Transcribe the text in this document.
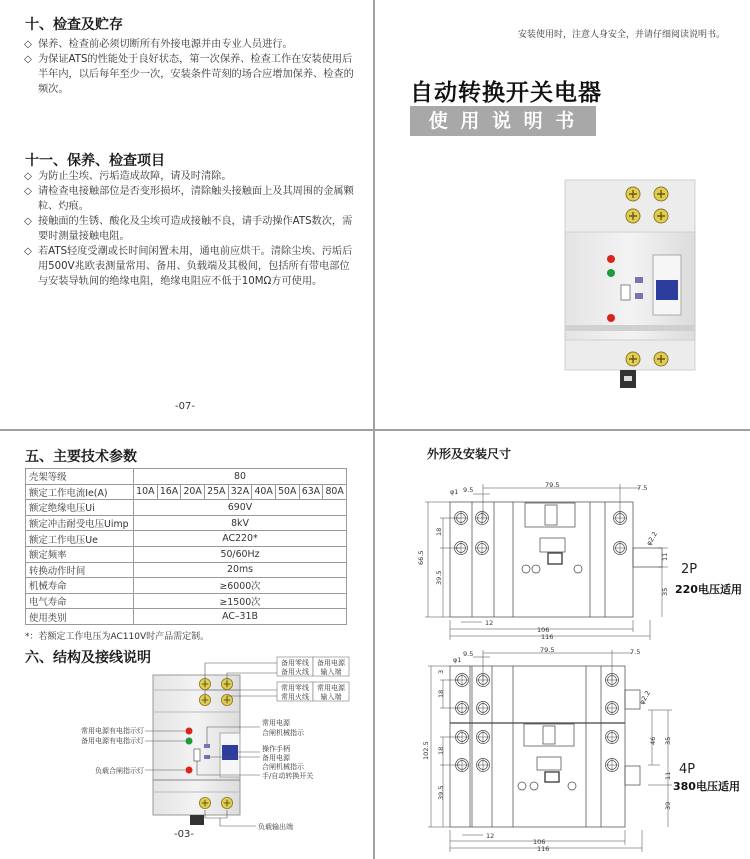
十、检查及贮存
◇ 保养、检查前必须切断所有外接电源并由专业人员进行。
◇ 为保证ATS的性能处于良好状态，第一次保养、检查工作在安装使用后半年内，以后每年至少一次，安装条件苛刻的场合应增加保养、检查的频次。
十一、保养、检查项目
◇ 为防止尘埃、污垢造成故障，请及时清除。
◇ 请检查电接触部位是否变形损坏，清除触头接触面上及其周围的金属颗粒、灼痕。
◇ 接触面的生锈、酸化及尘埃可造成接触不良，请手动操作ATS数次，需要时测量接触电阻。
◇ 若ATS轻度受潮或长时间闲置未用，通电前应烘干。清除尘埃、污垢后用500V兆欧表测量常用、备用、负载端及其极间，包括所有带电部位与安装导轨间的绝缘电阻，绝缘电阻应不低于10MΩ方可使用。
-07-
安装使用时，注意人身安全，并请仔细阅读说明书。
自动转换开关电器
使 用 说 明 书
五、主要技术参数
壳架等级	80								
额定工作电流Ie(A)	10A	16A	20A	25A	32A	40A	50A	63A	80A
额定绝缘电压Ui	690V								
额定冲击耐受电压Uimp	8kV								
额定工作电压Ue	AC220*								
额定频率	50/60Hz								
转换动作时间	20ms								
机械寿命	≥6000次								
电气寿命	≥1500次								
使用类别	AC–31B								
*：若额定工作电压为AC110V时产品需定制。
六、结构及接线说明
-03-
外形及安装尺寸
备用零线
备用火线
备用电源
输入端
常用零线
常用火线
常用电源
输入端
常用电源有电指示灯
备用电源有电指示灯
负载合闸指示灯
常用电源
合闸机械指示
操作手柄
备用电源
合闸机械指示
手/自动转换开关
负载输出端
79.5
9.5	7.5
φ1
66.5
18
39.5
12
106
116
11
35
φ2.2
79.5
9.5	7.5
φ1
102.5
3
18
18
39.5
12
106
116
46 35
11
39
φ2.2
2P
220电压适用
4P
380电压适用
